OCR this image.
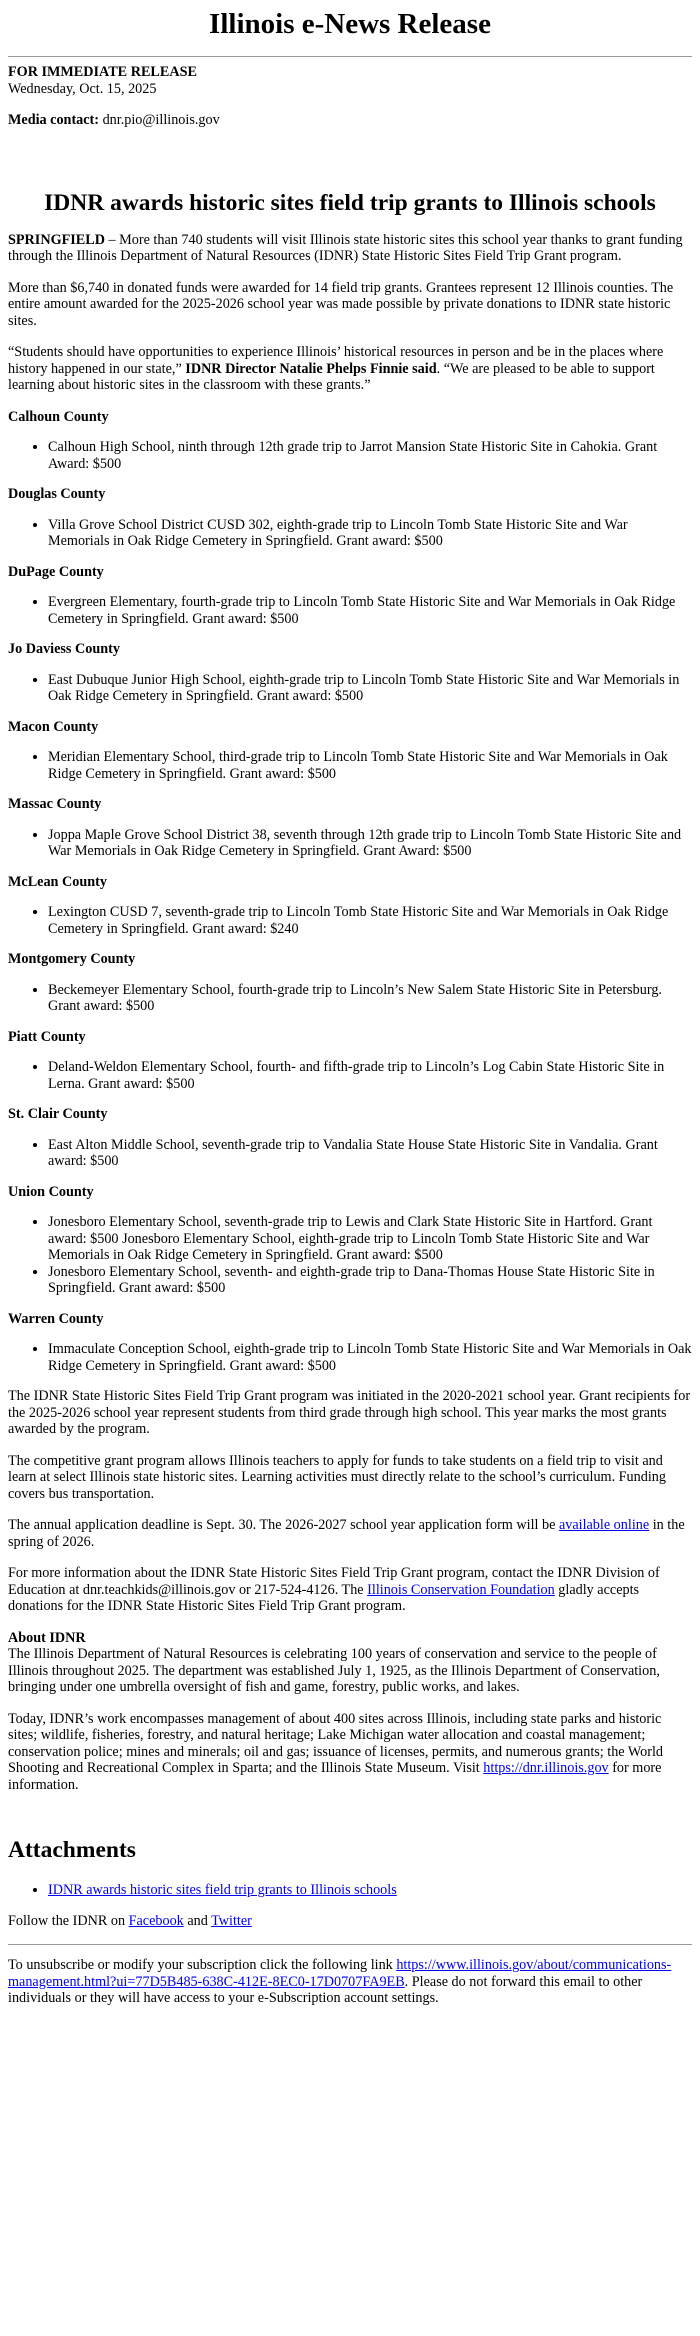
Illinois e-News Release
FOR IMMEDIATE RELEASE
Wednesday, Oct. 15, 2025
Media contact: dnr.pio@illinois.gov
IDNR awards historic sites field trip grants to Illinois schools

SPRINGFIELD – More than 740 students will visit Illinois state historic sites this school year thanks to grant funding through the Illinois Department of Natural Resources (IDNR) State Historic Sites Field Trip Grant program.

More than $6,740 in donated funds were awarded for 14 field trip grants. Grantees represent 12 Illinois counties. The entire amount awarded for the 2025-2026 school year was made possible by private donations to IDNR state historic sites.

“Students should have opportunities to experience Illinois’ historical resources in person and be in the places where history happened in our state,” IDNR Director Natalie Phelps Finnie said. “We are pleased to be able to support learning about historic sites in the classroom with these grants.”

Calhoun County
• Calhoun High School, ninth through 12th grade trip to Jarrot Mansion State Historic Site in Cahokia. Grant Award: $500
Douglas County
• Villa Grove School District CUSD 302, eighth-grade trip to Lincoln Tomb State Historic Site and War Memorials in Oak Ridge Cemetery in Springfield. Grant award: $500
DuPage County
• Evergreen Elementary, fourth-grade trip to Lincoln Tomb State Historic Site and War Memorials in Oak Ridge Cemetery in Springfield. Grant award: $500
Jo Daviess County
• East Dubuque Junior High School, eighth-grade trip to Lincoln Tomb State Historic Site and War Memorials in Oak Ridge Cemetery in Springfield. Grant award: $500
Macon County
• Meridian Elementary School, third-grade trip to Lincoln Tomb State Historic Site and War Memorials in Oak Ridge Cemetery in Springfield. Grant award: $500
Massac County
• Joppa Maple Grove School District 38, seventh through 12th grade trip to Lincoln Tomb State Historic Site and War Memorials in Oak Ridge Cemetery in Springfield. Grant Award: $500
McLean County
• Lexington CUSD 7, seventh-grade trip to Lincoln Tomb State Historic Site and War Memorials in Oak Ridge Cemetery in Springfield. Grant award: $240
Montgomery County
• Beckemeyer Elementary School, fourth-grade trip to Lincoln’s New Salem State Historic Site in Petersburg. Grant award: $500
Piatt County
• Deland-Weldon Elementary School, fourth- and fifth-grade trip to Lincoln’s Log Cabin State Historic Site in Lerna. Grant award: $500
St. Clair County
• East Alton Middle School, seventh-grade trip to Vandalia State House State Historic Site in Vandalia. Grant award: $500
Union County
• Jonesboro Elementary School, seventh-grade trip to Lewis and Clark State Historic Site in Hartford. Grant award: $500 Jonesboro Elementary School, eighth-grade trip to Lincoln Tomb State Historic Site and War Memorials in Oak Ridge Cemetery in Springfield. Grant award: $500
• Jonesboro Elementary School, seventh- and eighth-grade trip to Dana-Thomas House State Historic Site in Springfield. Grant award: $500
Warren County
• Immaculate Conception School, eighth-grade trip to Lincoln Tomb State Historic Site and War Memorials in Oak Ridge Cemetery in Springfield. Grant award: $500

The IDNR State Historic Sites Field Trip Grant program was initiated in the 2020-2021 school year. Grant recipients for the 2025-2026 school year represent students from third grade through high school. This year marks the most grants awarded by the program.

The competitive grant program allows Illinois teachers to apply for funds to take students on a field trip to visit and learn at select Illinois state historic sites. Learning activities must directly relate to the school’s curriculum. Funding covers bus transportation.

The annual application deadline is Sept. 30. The 2026-2027 school year application form will be available online in the spring of 2026.

For more information about the IDNR State Historic Sites Field Trip Grant program, contact the IDNR Division of Education at dnr.teachkids@illinois.gov or 217-524-4126. The Illinois Conservation Foundation gladly accepts donations for the IDNR State Historic Sites Field Trip Grant program.

About IDNR

The Illinois Department of Natural Resources is celebrating 100 years of conservation and service to the people of Illinois throughout 2025. The department was established July 1, 1925, as the Illinois Department of Conservation, bringing under one umbrella oversight of fish and game, forestry, public works, and lakes.

Today, IDNR’s work encompasses management of about 400 sites across Illinois, including state parks and historic sites; wildlife, fisheries, forestry, and natural heritage; Lake Michigan water allocation and coastal management; conservation police; mines and minerals; oil and gas; issuance of licenses, permits, and numerous grants; the World Shooting and Recreational Complex in Sparta; and the Illinois State Museum. Visit https://dnr.illinois.gov for more information.

Attachments
• IDNR awards historic sites field trip grants to Illinois schools

Follow the IDNR on Facebook and Twitter

To unsubscribe or modify your subscription click the following link https://www.illinois.gov/about/communications-management.html?ui=77D5B485-638C-412E-8EC0-17D0707FA9EB. Please do not forward this email to other individuals or they will have access to your e-Subscription account settings.
